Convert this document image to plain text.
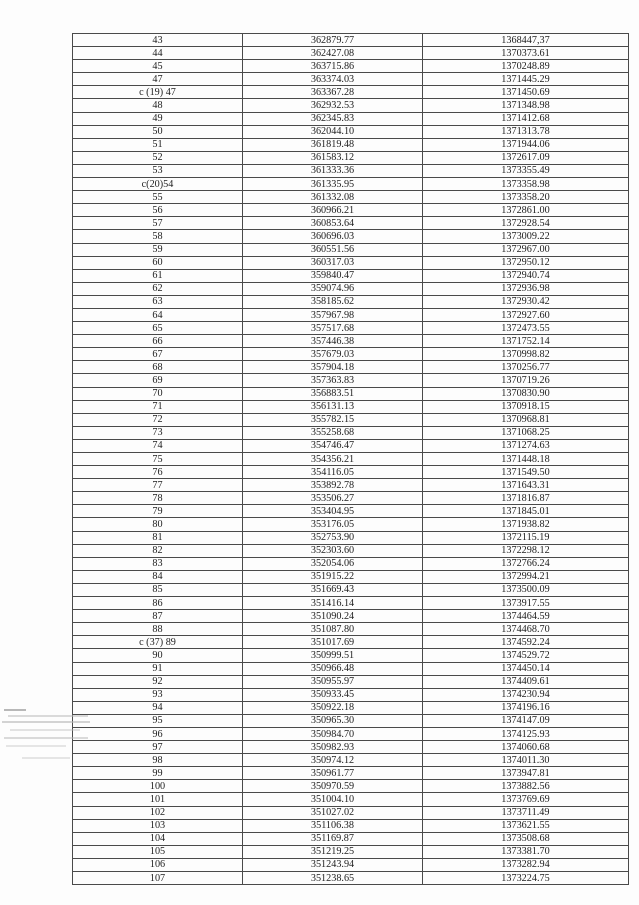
43	362879.77	1368447,37
44	362427.08	1370373.61
45	363715.86	1370248.89
47	363374.03	1371445.29
c (19) 47	363367.28	1371450.69
48	362932.53	1371348.98
49	362345.83	1371412.68
50	362044.10	1371313.78
51	361819.48	1371944.06
52	361583.12	1372617.09
53	361333.36	1373355.49
c(20)54	361335.95	1373358.98
55	361332.08	1373358.20
56	360966.21	1372861.00
57	360853.64	1372928.54
58	360696.03	1373009.22
59	360551.56	1372967.00
60	360317.03	1372950.12
61	359840.47	1372940.74
62	359074.96	1372936.98
63	358185.62	1372930.42
64	357967.98	1372927.60
65	357517.68	1372473.55
66	357446.38	1371752.14
67	357679.03	1370998.82
68	357904.18	1370256.77
69	357363.83	1370719.26
70	356883.51	1370830.90
71	356131.13	1370918.15
72	355782.15	1370968.81
73	355258.68	1371068.25
74	354746.47	1371274.63
75	354356.21	1371448.18
76	354116.05	1371549.50
77	353892.78	1371643.31
78	353506.27	1371816.87
79	353404.95	1371845.01
80	353176.05	1371938.82
81	352753.90	1372115.19
82	352303.60	1372298.12
83	352054.06	1372766.24
84	351915.22	1372994.21
85	351669.43	1373500.09
86	351416.14	1373917.55
87	351090.24	1374464.59
88	351087.80	1374468.70
c (37) 89	351017.69	1374592.24
90	350999.51	1374529.72
91	350966.48	1374450.14
92	350955.97	1374409.61
93	350933.45	1374230.94
94	350922.18	1374196.16
95	350965.30	1374147.09
96	350984.70	1374125.93
97	350982.93	1374060.68
98	350974.12	1374011.30
99	350961.77	1373947.81
100	350970.59	1373882.56
101	351004.10	1373769.69
102	351027.02	1373711.49
103	351106.38	1373621.55
104	351169.87	1373508.68
105	351219.25	1373381.70
106	351243.94	1373282.94
107	351238.65	1373224.75
